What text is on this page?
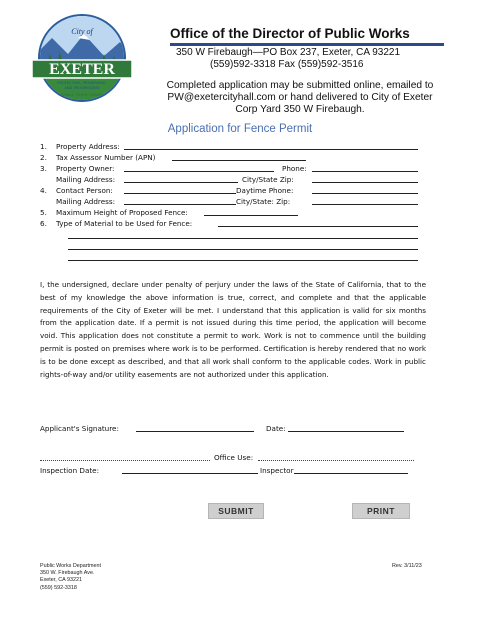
EXETER
City of
PROTECTING, PRESERVING,
AND PROGRESSING
SMALL TOWN CHARM
Office of the Director of Public Works
350 W Firebaugh—PO Box 237, Exeter, CA 93221
(559)592-3318 Fax (559)592-3516
Completed application may be submitted online, emailed to
PW@exetercityhall.com or hand delivered to City of Exeter
Corp Yard 350 W Firebaugh.
Application for Fence Permit
1. Property Address:
2. Tax Assessor Number (APN)
3. Property Owner:	Phone:
Mailing Address:	City/State Zip:
4. Contact Person:	Daytime Phone:
Mailing Address:	City/State: Zip:
5. Maximum Height of Proposed Fence:
6. Type of Material to be Used for Fence:
I, the undersigned, declare under penalty of perjury under the laws of the State of California, that to the best of my knowledge the above information is true, correct, and complete and that the applicable requirements of the City of Exeter will be met. I understand that this application is valid for six months from the application date. If a permit is not issued during this time period, the application will become void. This application does not constitute a permit to work. Work is not to commence until the building permit is posted on premises where work is to be performed. Certification is hereby rendered that no work is to be done except as described, and that all work shall conform to the applicable codes. Work in public rights-of-way and/or utility easements are not authorized under this application.
Applicant's Signature:	Date:
Office Use:
Inspection Date:	Inspector
SUBMIT	PRINT
Public Works Department
350 W. Firebaugh Ave.
Exeter, CA 93221
(559) 592-3318
Rev. 3/11/23
